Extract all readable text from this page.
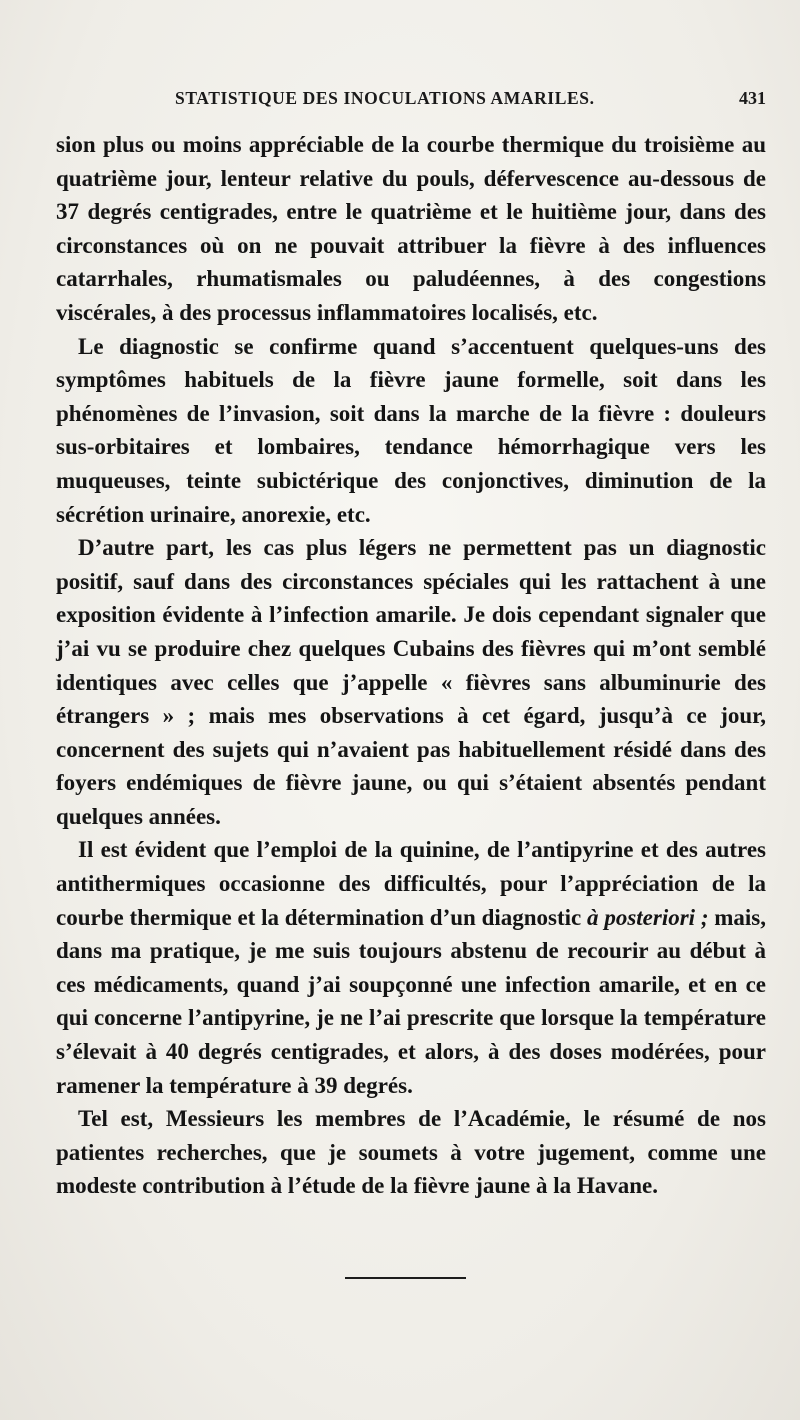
STATISTIQUE DES INOCULATIONS AMARILES.	431

sion plus ou moins appréciable de la courbe thermique du troisième au quatrième jour, lenteur relative du pouls, défervescence au-dessous de 37 degrés centigrades, entre le quatrième et le huitième jour, dans des circonstances où on ne pouvait attribuer la fièvre à des influences catarrhales, rhumatismales ou paludéennes, à des congestions viscérales, à des processus inflammatoires localisés, etc.

Le diagnostic se confirme quand s’accentuent quelques-uns des symptômes habituels de la fièvre jaune formelle, soit dans les phénomènes de l’invasion, soit dans la marche de la fièvre : douleurs sus-orbitaires et lombaires, tendance hémorrhagique vers les muqueuses, teinte subictérique des conjonctives, diminution de la sécrétion urinaire, anorexie, etc.

D’autre part, les cas plus légers ne permettent pas un diagnostic positif, sauf dans des circonstances spéciales qui les rattachent à une exposition évidente à l’infection amarile. Je dois cependant signaler que j’ai vu se produire chez quelques Cubains des fièvres qui m’ont semblé identiques avec celles que j’appelle « fièvres sans albuminurie des étrangers » ; mais mes observations à cet égard, jusqu’à ce jour, concernent des sujets qui n’avaient pas habituellement résidé dans des foyers endémiques de fièvre jaune, ou qui s’étaient absentés pendant quelques années.

Il est évident que l’emploi de la quinine, de l’antipyrine et des autres antithermiques occasionne des difficultés, pour l’appréciation de la courbe thermique et la détermination d’un diagnostic à posteriori ; mais, dans ma pratique, je me suis toujours abstenu de recourir au début à ces médicaments, quand j’ai soupçonné une infection amarile, et en ce qui concerne l’antipyrine, je ne l’ai prescrite que lorsque la température s’élevait à 40 degrés centigrades, et alors, à des doses modérées, pour ramener la température à 39 degrés.

Tel est, Messieurs les membres de l’Académie, le résumé de nos patientes recherches, que je soumets à votre jugement, comme une modeste contribution à l’étude de la fièvre jaune à la Havane.
